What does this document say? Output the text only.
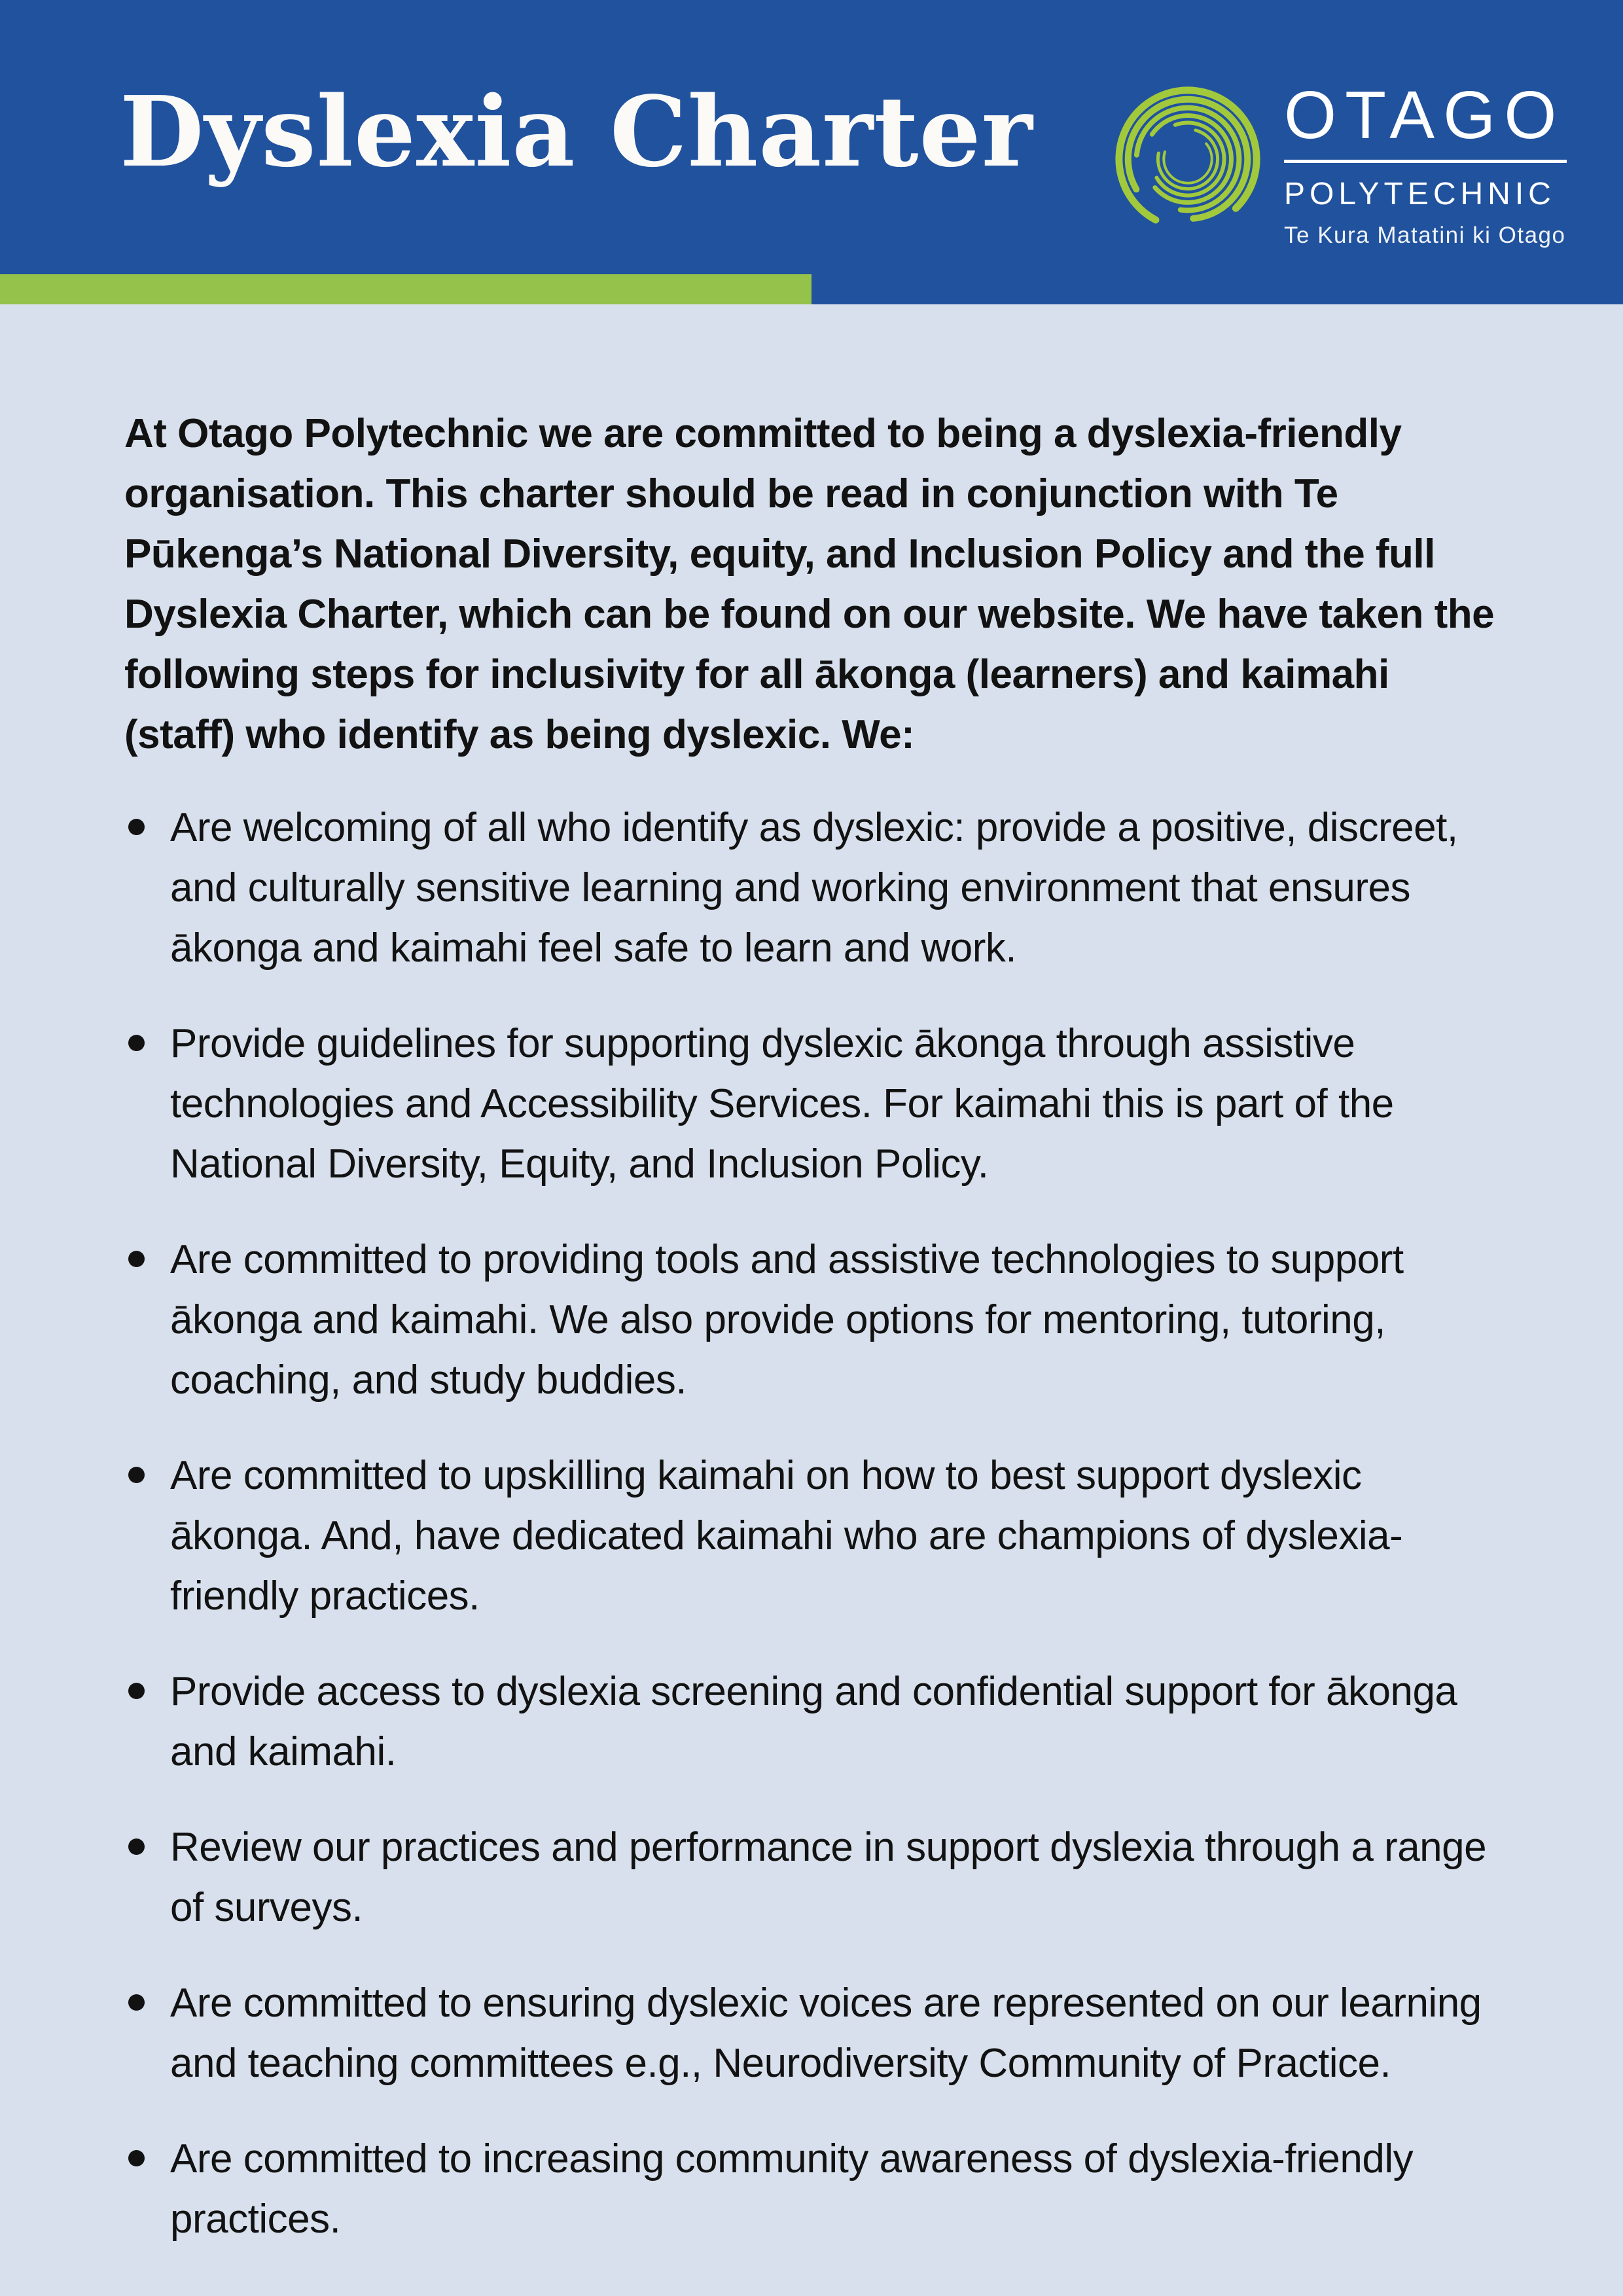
Dyslexia Charter	OTAGO
POLYTECHNIC
Te Kura Matatini ki Otago

At Otago Polytechnic we are committed to being a dyslexia-friendly organisation. This charter should be read in conjunction with Te Pūkenga’s National Diversity, equity, and Inclusion Policy and the full Dyslexia Charter, which can be found on our website. We have taken the following steps for inclusivity for all ākonga (learners) and kaimahi (staff) who identify as being dyslexic. We:

Are welcoming of all who identify as dyslexic: provide a positive, discreet, and culturally sensitive learning and working environment that ensures ākonga and kaimahi feel safe to learn and work.
Provide guidelines for supporting dyslexic ākonga through assistive technologies and Accessibility Services. For kaimahi this is part of the National Diversity, Equity, and Inclusion Policy.
Are committed to providing tools and assistive technologies to support ākonga and kaimahi. We also provide options for mentoring, tutoring, coaching, and study buddies.
Are committed to upskilling kaimahi on how to best support dyslexic ākonga. And, have dedicated kaimahi who are champions of dyslexia-friendly practices.
Provide access to dyslexia screening and confidential support for ākonga and kaimahi.
Review our practices and performance in support dyslexia through a range of surveys.
Are committed to ensuring dyslexic voices are represented on our learning and teaching committees e.g., Neurodiversity Community of Practice.
Are committed to increasing community awareness of dyslexia-friendly practices.
